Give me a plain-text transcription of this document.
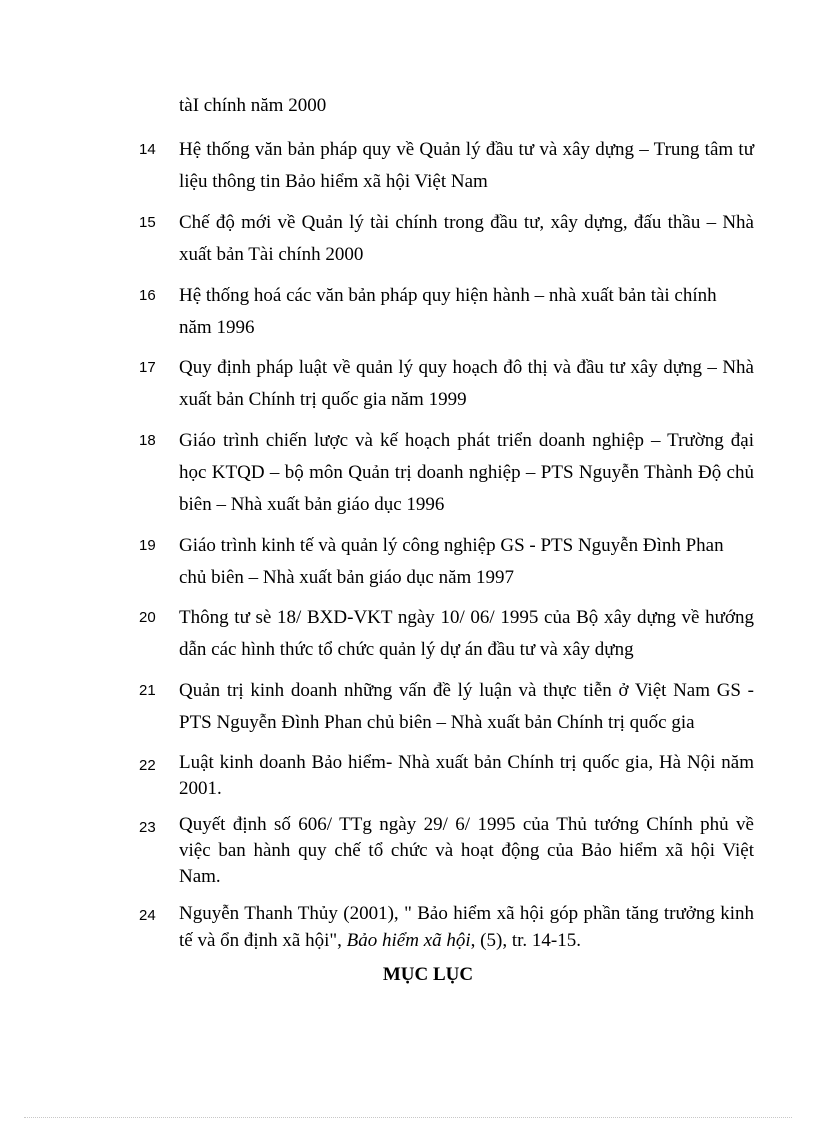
tàI chính năm 2000
14	Hệ thống văn bản pháp quy về Quản lý đầu tư và xây dựng – Trung tâm tư
liệu thông tin Bảo hiểm xã hội Việt Nam
15	Chế độ mới về Quản lý tài chính trong đầu tư, xây dựng, đấu thầu – Nhà
xuất bản Tài chính 2000
16	Hệ thống hoá các văn bản pháp quy hiện hành – nhà xuất bản tài chính
năm 1996
17	Quy định pháp luật về quản lý quy hoạch đô thị và đầu tư xây dựng – Nhà
xuất bản Chính trị quốc gia năm 1999
18	Giáo trình chiến lược và kế hoạch phát triển doanh nghiệp – Trường đại
học KTQD – bộ môn Quản trị doanh nghiệp – PTS Nguyễn Thành Độ chủ
biên – Nhà xuất bản giáo dục 1996
19	Giáo trình kinh tế và quản lý công nghiệp GS - PTS Nguyễn Đình Phan
chủ biên – Nhà xuất bản giáo dục năm 1997
20	Thông tư sè 18/ BXD-VKT ngày 10/ 06/ 1995 của Bộ xây dựng về hướng
dẫn các hình thức tổ chức quản lý dự án đầu tư và xây dựng
21	Quản trị kinh doanh những vấn đề lý luận và thực tiễn ở Việt Nam GS -
PTS Nguyễn Đình Phan chủ biên – Nhà xuất bản Chính trị quốc gia
22	Luật kinh doanh Bảo hiểm- Nhà xuất bản Chính trị quốc gia, Hà Nội năm
2001.
23	Quyết định số 606/ TTg ngày 29/ 6/ 1995 của Thủ tướng Chính phủ về
việc ban hành quy chế tổ chức và hoạt động của Bảo hiểm xã hội Việt
Nam.
24	Nguyễn Thanh Thủy (2001), " Bảo hiểm xã hội góp phần tăng trưởng kinh
tế và ổn định xã hội", Bảo hiểm xã hội, (5), tr. 14-15.
MỤC LỤC
